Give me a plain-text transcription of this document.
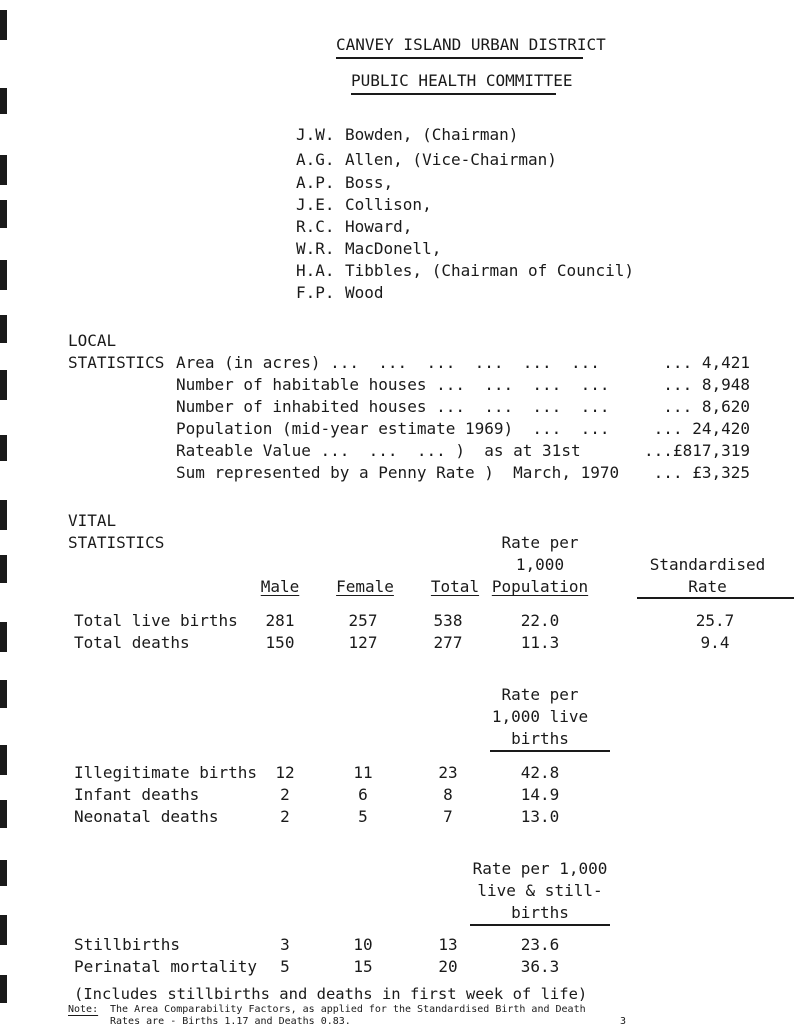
CANVEY ISLAND URBAN DISTRICT
PUBLIC HEALTH COMMITTEE
J.W. Bowden, (Chairman)
A.G. Allen, (Vice-Chairman)
A.P. Boss,
J.E. Collison,
R.C. Howard,
W.R. MacDonell,
H.A. Tibbles, (Chairman of Council)
F.P. Wood
LOCAL
STATISTICS Area (in acres) ...  ...  ...  ...  ...  ...	... 4,421
Number of habitable houses ...  ...  ...  ...	... 8,948
Number of inhabited houses ...  ...  ...  ...	... 8,620
Population (mid-year estimate 1969)  ...  ...	... 24,420
Rateable Value ...  ...  ... )  as at 31st	...£817,319
Sum represented by a Penny Rate )  March, 1970	... £3,325
VITAL
STATISTICS	Rate per
1,000
Population
Standardised
Rate
Male	Female	Total
Total live births	281	257	538	22.0	25.7
Total deaths	150	127	277	11.3	9.4
Rate per
1,000 live
births
Illegitimate births	12	11	23	42.8
Infant deaths	2	6	8	14.9
Neonatal deaths	2	5	7	13.0
Rate per 1,000
live & still-
births
Stillbirths	3	10	13	23.6
Perinatal mortality	5	15	20	36.3
(Includes stillbirths and deaths in first week of life)
Note: The Area Comparability Factors, as applied for the Standardised Birth and Death
Rates are - Births 1.17 and Deaths 0.83.	3
